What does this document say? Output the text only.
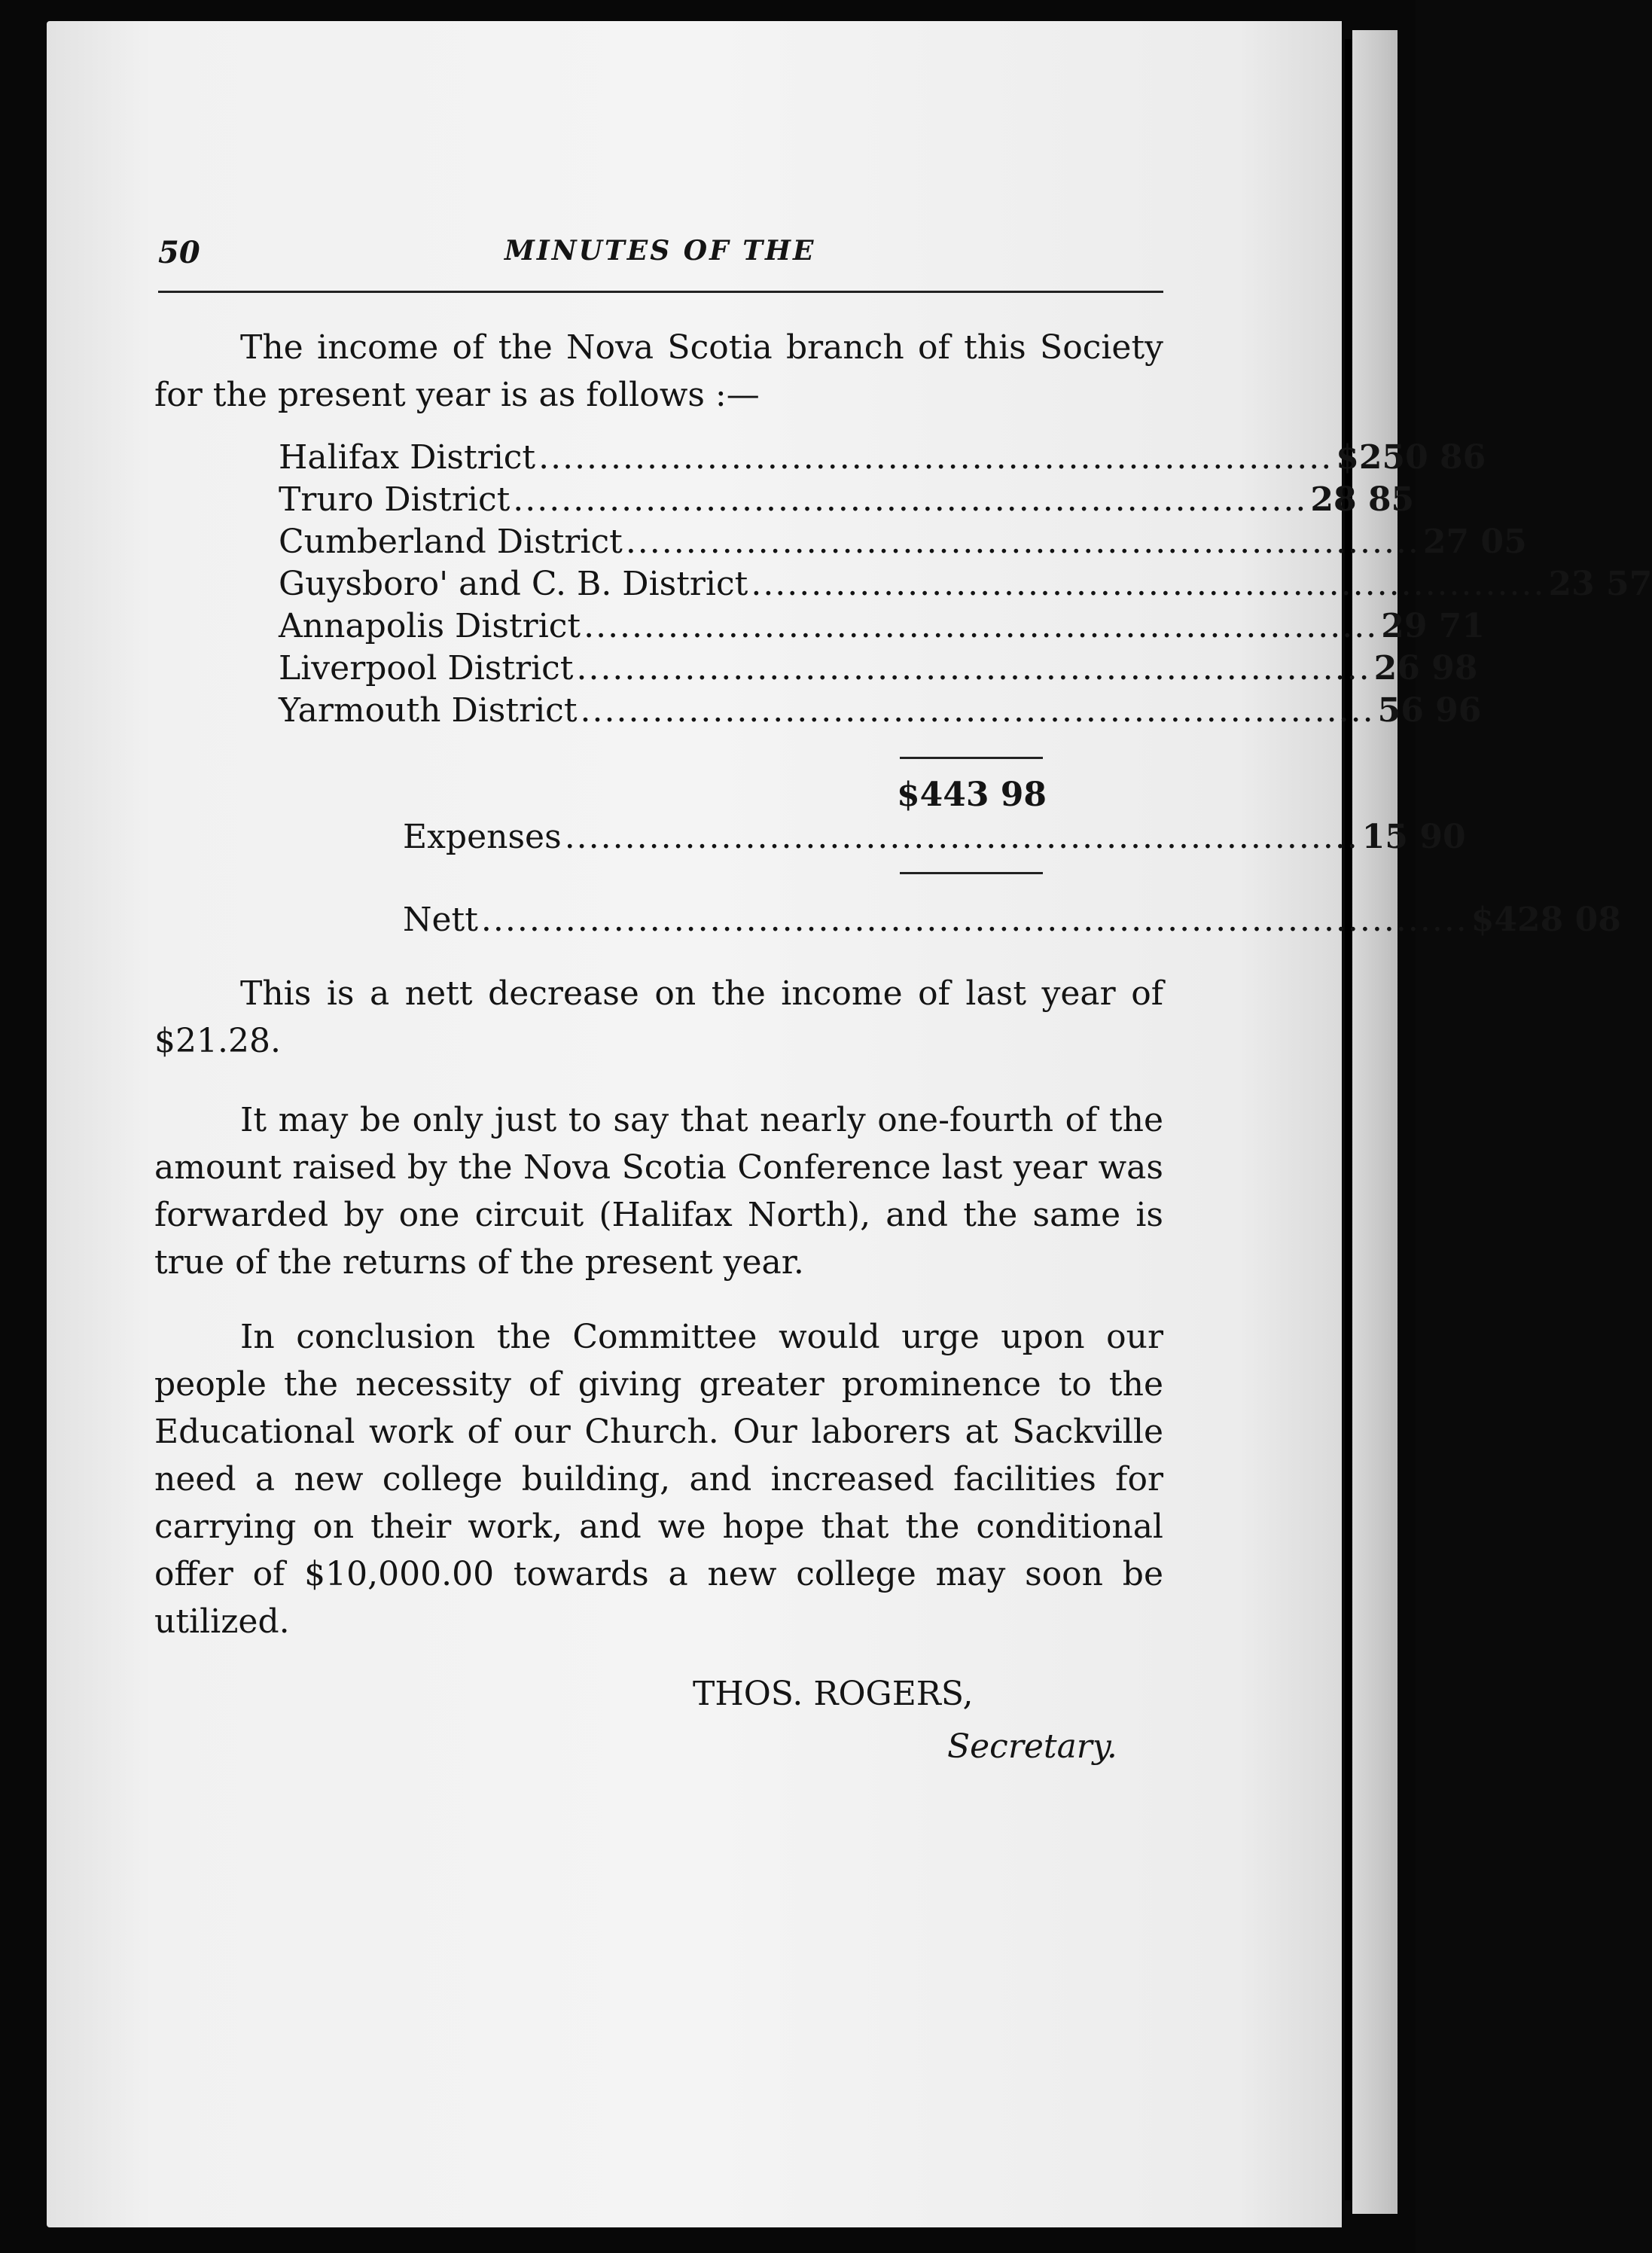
50	MINUTES OF THE

The income of the Nova Scotia branch of this Society for the present year is as follows :—

Halifax District .................................................................. $250 86
Truro District .................................................................. 28 85
Cumberland District .................................................................. 27 05
Guysboro' and C. B. District .................................................................. 23 57
Annapolis District .................................................................. 29 71
Liverpool District .................................................................. 26 98
Yarmouth District .................................................................. 56 96
$443 98
Expenses .................................................................. 15 90
Nett .................................................................................. $428 08

This is a nett decrease on the income of last year of $21.28.

It may be only just to say that nearly one-fourth of the amount raised by the Nova Scotia Conference last year was forwarded by one circuit (Halifax North), and the same is true of the returns of the present year.

In conclusion the Committee would urge upon our people the necessity of giving greater prominence to the Educational work of our Church. Our laborers at Sackville need a new college building, and increased facilities for carrying on their work, and we hope that the conditional offer of $10,000.00 towards a new college may soon be utilized.

THOS. ROGERS,
Secretary.
